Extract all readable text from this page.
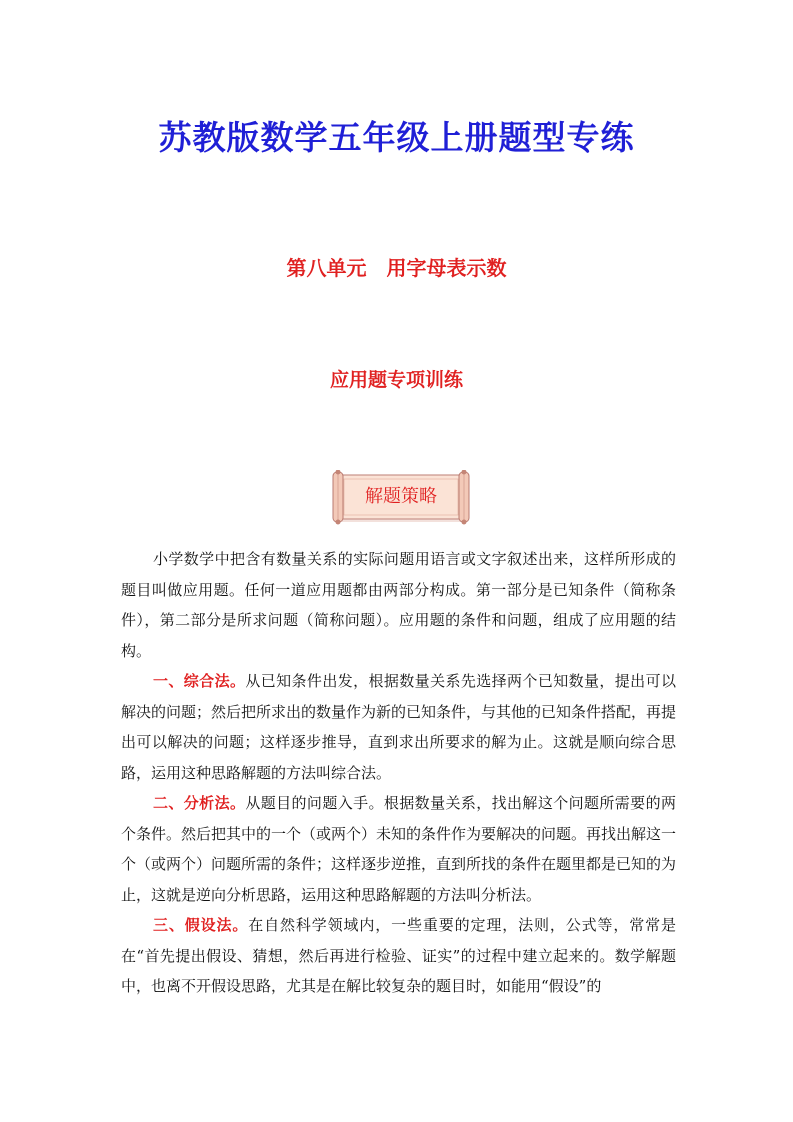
苏教版数学五年级上册题型专练
第八单元　用字母表示数
应用题专项训练
解题策略

小学数学中把含有数量关系的实际问题用语言或文字叙述出来，这样所形成的题目叫做应用题。任何一道应用题都由两部分构成。第一部分是已知条件（简称条件），第二部分是所求问题（简称问题）。应用题的条件和问题，组成了应用题的结构。

一、综合法。从已知条件出发，根据数量关系先选择两个已知数量，提出可以解决的问题；然后把所求出的数量作为新的已知条件，与其他的已知条件搭配，再提出可以解决的问题；这样逐步推导，直到求出所要求的解为止。这就是顺向综合思路，运用这种思路解题的方法叫综合法。

二、分析法。从题目的问题入手。根据数量关系，找出解这个问题所需要的两个条件。然后把其中的一个（或两个）未知的条件作为要解决的问题。再找出解这一个（或两个）问题所需的条件；这样逐步逆推，直到所找的条件在题里都是已知的为止，这就是逆向分析思路，运用这种思路解题的方法叫分析法。

三、假设法。在自然科学领域内，一些重要的定理，法则，公式等，常常是在“首先提出假设、猜想，然后再进行检验、证实”的过程中建立起来的。数学解题中，也离不开假设思路，尤其是在解比较复杂的题目时，如能用“假设”的
